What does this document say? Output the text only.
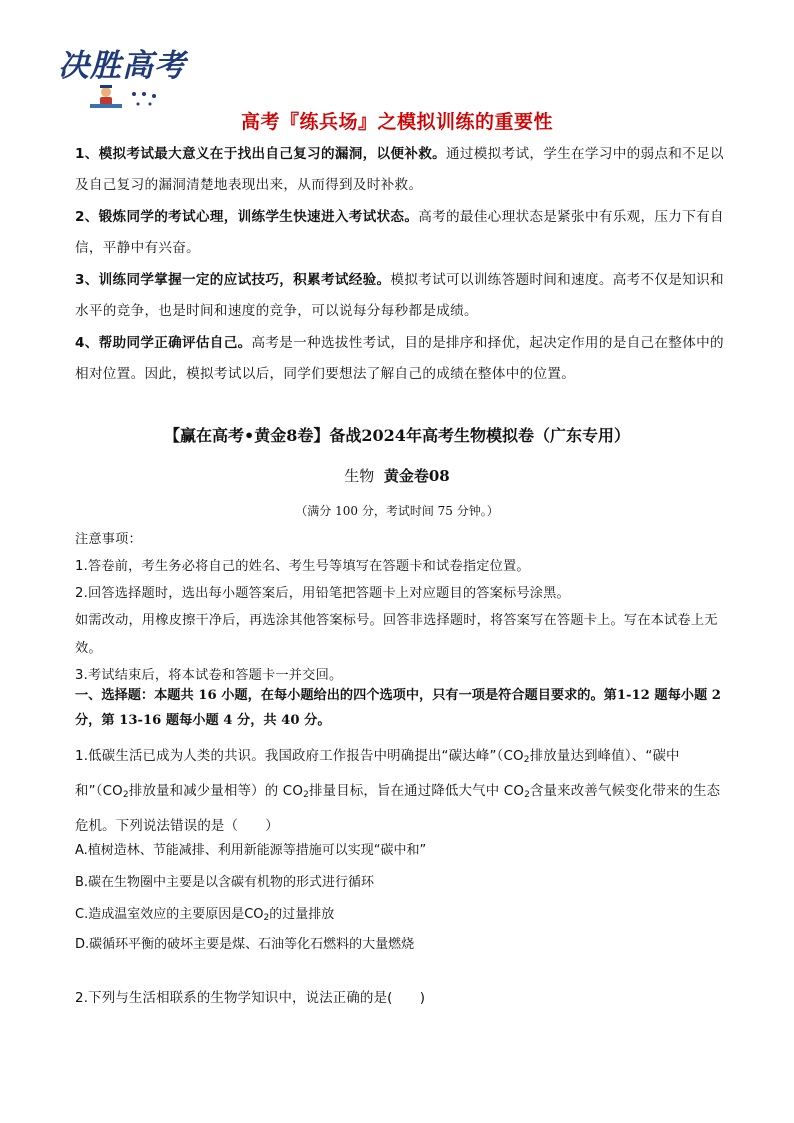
决胜高考
高考『练兵场』之模拟训练的重要性
1、模拟考试最大意义在于找出自己复习的漏洞，以便补救。通过模拟考试，学生在学习中的弱点和不足以及自己复习的漏洞清楚地表现出来，从而得到及时补救。
2、锻炼同学的考试心理，训练学生快速进入考试状态。高考的最佳心理状态是紧张中有乐观，压力下有自信，平静中有兴奋。
3、训练同学掌握一定的应试技巧，积累考试经验。模拟考试可以训练答题时间和速度。高考不仅是知识和水平的竞争，也是时间和速度的竞争，可以说每分每秒都是成绩。
4、帮助同学正确评估自己。高考是一种选拔性考试，目的是排序和择优，起决定作用的是自己在整体中的相对位置。因此，模拟考试以后，同学们要想法了解自己的成绩在整体中的位置。
【赢在高考•黄金8卷】备战2024年高考生物模拟卷（广东专用）
生物 黄金卷08
（满分 100 分，考试时间 75 分钟。）
注意事项：
1.答卷前，考生务必将自己的姓名、考生号等填写在答题卡和试卷指定位置。
2.回答选择题时，选出每小题答案后，用铅笔把答题卡上对应题目的答案标号涂黑。
如需改动，用橡皮擦干净后，再选涂其他答案标号。回答非选择题时，将答案写在答题卡上。写在本试卷上无效。
3.考试结束后，将本试卷和答题卡一并交回。
一、选择题：本题共 16 小题，在每小题给出的四个选项中，只有一项是符合题目要求的。第1-12 题每小题 2 分，第 13-16 题每小题 4 分，共 40 分。
1.低碳生活已成为人类的共识。我国政府工作报告中明确提出“碳达峰$”(CO_2$排放量达到峰值）、“碳中和$”(CO_2$排放量和减少量相等）的 $CO_2$排量目标，旨在通过降低大气中 $CO_2$含量来改善气候变化带来的生态危机。下列说法错误的是（　　）
A.植树造林、节能减排、利用新能源等措施可以实现“碳中和”
B.碳在生物圈中主要是以含碳有机物的形式进行循环
C.造成温室效应的主要原因是$CO_2$的过量排放
D.碳循环平衡的破坏主要是煤、石油等化石燃料的大量燃烧
2.下列与生活相联系的生物学知识中，说法正确的是(　　)
